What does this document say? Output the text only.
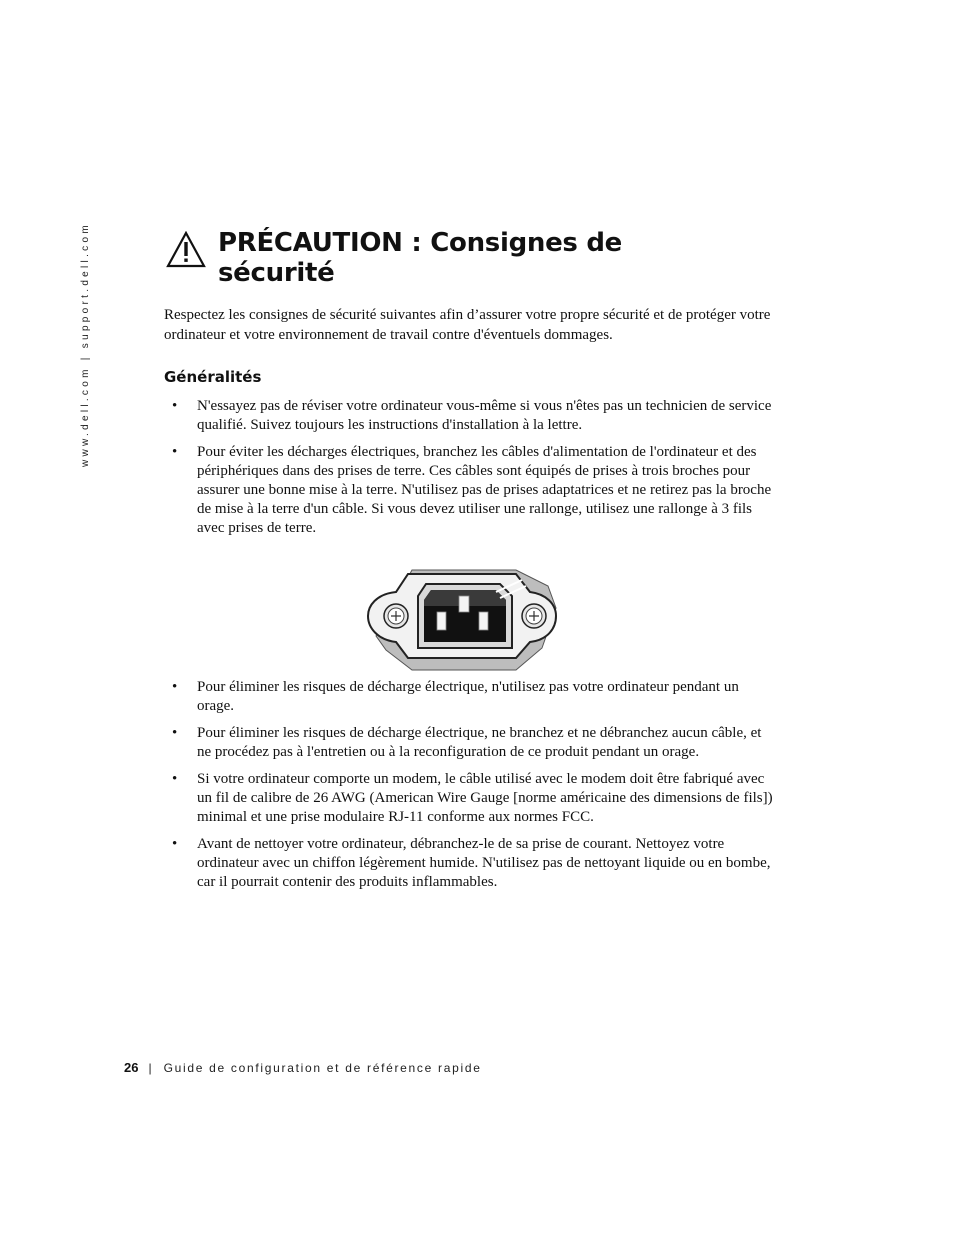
www.dell.com | support.dell.com	PRÉCAUTION : Consignes de sécurité

Respectez les consignes de sécurité suivantes afin d’assurer votre propre sécurité et de protéger votre ordinateur et votre environnement de travail contre d'éventuels dommages.

Généralités
• N'essayez pas de réviser votre ordinateur vous-même si vous n'êtes pas un technicien de service qualifié. Suivez toujours les instructions d'installation à la lettre.
• Pour éviter les décharges électriques, branchez les câbles d'alimentation de l'ordinateur et des périphériques dans des prises de terre. Ces câbles sont équipés de prises à trois broches pour assurer une bonne mise à la terre. N'utilisez pas de prises adaptatrices et ne retirez pas la broche de mise à la terre d'un câble. Si vous devez utiliser une rallonge, utilisez une rallonge à 3 fils avec prises de terre.
• Pour éliminer les risques de décharge électrique, n'utilisez pas votre ordinateur pendant un orage.
• Pour éliminer les risques de décharge électrique, ne branchez et ne débranchez aucun câble, et ne procédez pas à l'entretien ou à la reconfiguration de ce produit pendant un orage.
• Si votre ordinateur comporte un modem, le câble utilisé avec le modem doit être fabriqué avec un fil de calibre de 26 AWG (American Wire Gauge [norme américaine des dimensions de fils]) minimal et une prise modulaire RJ-11 conforme aux normes FCC.
• Avant de nettoyer votre ordinateur, débranchez-le de sa prise de courant. Nettoyez votre ordinateur avec un chiffon légèrement humide. N'utilisez pas de nettoyant liquide ou en bombe, car il pourrait contenir des produits inflammables.
26 | Guide de configuration et de référence rapide
